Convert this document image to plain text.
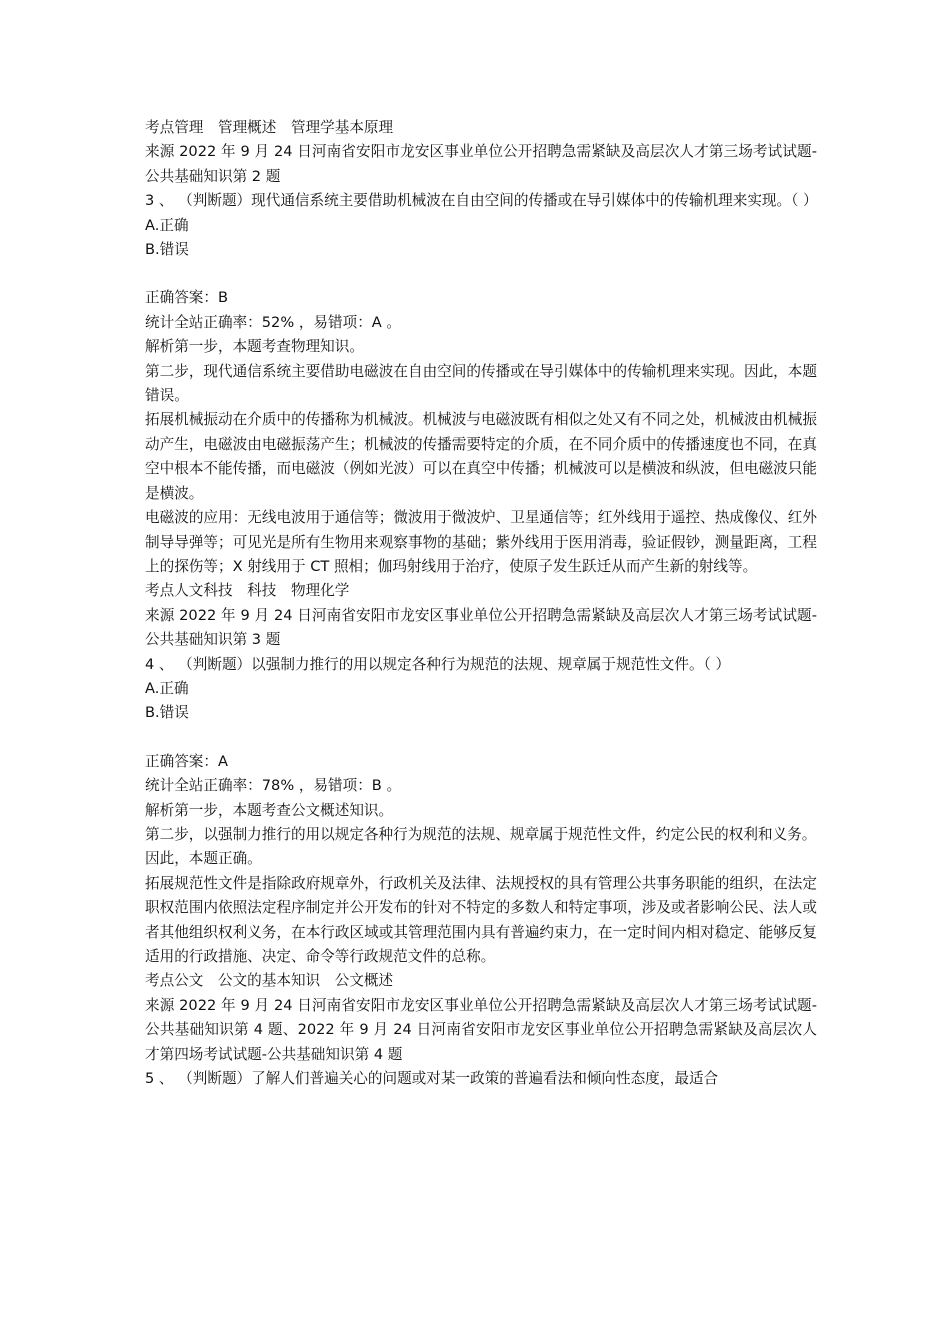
考点管理　管理概述　管理学基本原理
来源 2022 年 9 月 24 日河南省安阳市龙安区事业单位公开招聘急需紧缺及高层次人才第三场考试试题-公共基础知识第 2 题
3 、 （判断题）现代通信系统主要借助机械波在自由空间的传播或在导引媒体中的传输机理来实现。（ ）
A.正确
B.错误
正确答案：B
统计全站正确率：52% ，易错项：A 。
解析第一步，本题考查物理知识。
第二步，现代通信系统主要借助电磁波在自由空间的传播或在导引媒体中的传输机理来实现。因此，本题错误。
拓展机械振动在介质中的传播称为机械波。机械波与电磁波既有相似之处又有不同之处，机械波由机械振动产生，电磁波由电磁振荡产生；机械波的传播需要特定的介质，在不同介质中的传播速度也不同，在真空中根本不能传播，而电磁波（例如光波）可以在真空中传播；机械波可以是横波和纵波，但电磁波只能是横波。
电磁波的应用：无线电波用于通信等；微波用于微波炉、卫星通信等；红外线用于遥控、热成像仪、红外制导导弹等；可见光是所有生物用来观察事物的基础；紫外线用于医用消毒，验证假钞，测量距离，工程上的探伤等；X 射线用于 CT 照相；伽玛射线用于治疗，使原子发生跃迁从而产生新的射线等。
考点人文科技　科技　物理化学
来源 2022 年 9 月 24 日河南省安阳市龙安区事业单位公开招聘急需紧缺及高层次人才第三场考试试题-公共基础知识第 3 题
4 、 （判断题）以强制力推行的用以规定各种行为规范的法规、规章属于规范性文件。（ ）
A.正确
B.错误
正确答案：A
统计全站正确率：78% ，易错项：B 。
解析第一步，本题考查公文概述知识。
第二步，以强制力推行的用以规定各种行为规范的法规、规章属于规范性文件，约定公民的权利和义务。
因此，本题正确。
拓展规范性文件是指除政府规章外，行政机关及法律、法规授权的具有管理公共事务职能的组织，在法定职权范围内依照法定程序制定并公开发布的针对不特定的多数人和特定事项，涉及或者影响公民、法人或者其他组织权利义务，在本行政区域或其管理范围内具有普遍约束力，在一定时间内相对稳定、能够反复适用的行政措施、决定、命令等行政规范文件的总称。
考点公文　公文的基本知识　公文概述
来源 2022 年 9 月 24 日河南省安阳市龙安区事业单位公开招聘急需紧缺及高层次人才第三场考试试题-公共基础知识第 4 题、2022 年 9 月 24 日河南省安阳市龙安区事业单位公开招聘急需紧缺及高层次人才第四场考试试题-公共基础知识第 4 题
5 、 （判断题）了解人们普遍关心的问题或对某一政策的普遍看法和倾向性态度，最适合
